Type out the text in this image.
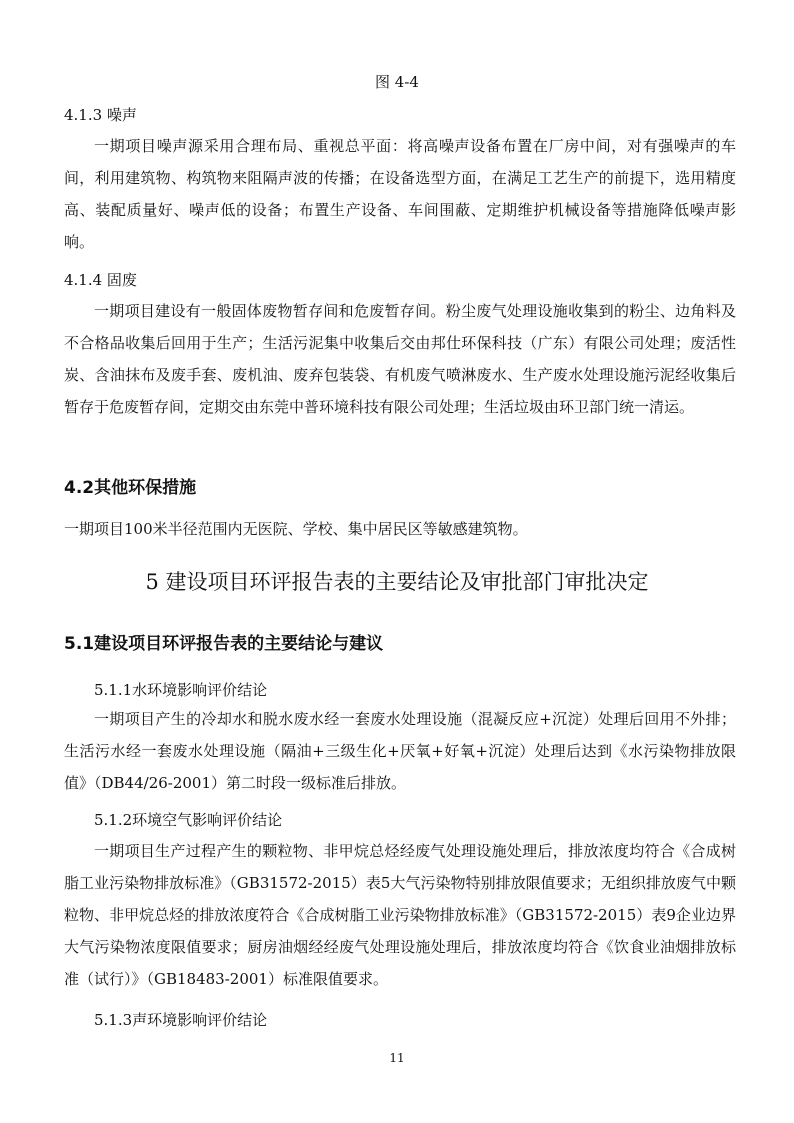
图 4-4
4.1.3 噪声

一期项目噪声源采用合理布局、重视总平面：将高噪声设备布置在厂房中间，对有强噪声的车间，利用建筑物、构筑物来阻隔声波的传播；在设备选型方面，在满足工艺生产的前提下，选用精度高、装配质量好、噪声低的设备；布置生产设备、车间围蔽、定期维护机械设备等措施降低噪声影响。

4.1.4 固废

一期项目建设有一般固体废物暂存间和危废暂存间。粉尘废气处理设施收集到的粉尘、边角料及不合格品收集后回用于生产；生活污泥集中收集后交由邦仕环保科技（广东）有限公司处理；废活性炭、含油抹布及废手套、废机油、废弃包装袋、有机废气喷淋废水、生产废水处理设施污泥经收集后暂存于危废暂存间，定期交由东莞中普环境科技有限公司处理；生活垃圾由环卫部门统一清运。

4.2其他环保措施

一期项目100米半径范围内无医院、学校、集中居民区等敏感建筑物。

5 建设项目环评报告表的主要结论及审批部门审批决定
5.1建设项目环评报告表的主要结论与建议
5.1.1水环境影响评价结论

一期项目产生的冷却水和脱水废水经一套废水处理设施（混凝反应+沉淀）处理后回用不外排；生活污水经一套废水处理设施（隔油+三级生化+厌氧+好氧+沉淀）处理后达到《水污染物排放限值》（DB44/26-2001）第二时段一级标准后排放。

5.1.2环境空气影响评价结论

一期项目生产过程产生的颗粒物、非甲烷总烃经废气处理设施处理后，排放浓度均符合《合成树脂工业污染物排放标准》（GB31572-2015）表5大气污染物特别排放限值要求；无组织排放废气中颗粒物、非甲烷总烃的排放浓度符合《合成树脂工业污染物排放标准》（GB31572-2015）表9企业边界大气污染物浓度限值要求；厨房油烟经经废气处理设施处理后，排放浓度均符合《饮食业油烟排放标准（试行）》（GB18483-2001）标准限值要求。

5.1.3声环境影响评价结论
11
